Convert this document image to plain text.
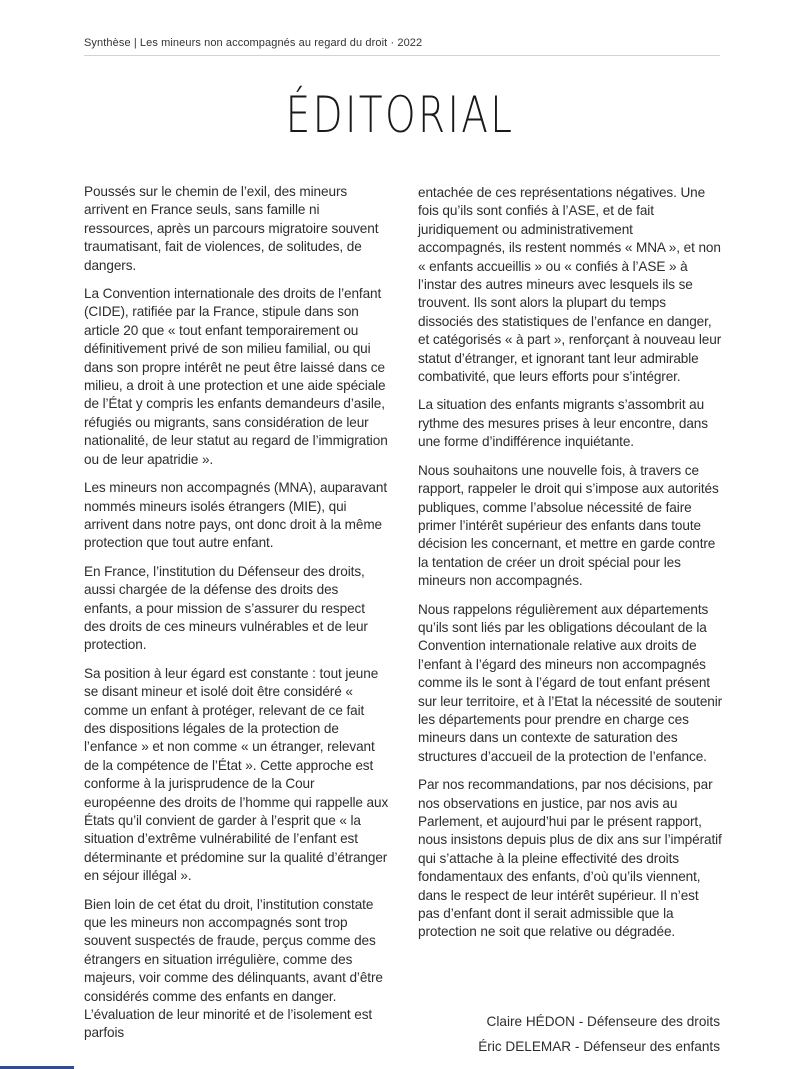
Synthèse | Les mineurs non accompagnés au regard du droit · 2022
ÉDITORIAL

Poussés sur le chemin de l’exil, des mineurs arrivent en France seuls, sans famille ni ressources, après un parcours migratoire souvent traumatisant, fait de violences, de solitudes, de dangers.

La Convention internationale des droits de l’enfant (CIDE), ratifiée par la France, stipule dans son article 20 que « tout enfant temporairement ou définitivement privé de son milieu familial, ou qui dans son propre intérêt ne peut être laissé dans ce milieu, a droit à une protection et une aide spéciale de l’État y compris les enfants demandeurs d’asile, réfugiés ou migrants, sans considération de leur nationalité, de leur statut au regard de l’immigration ou de leur apatridie ».

Les mineurs non accompagnés (MNA), auparavant nommés mineurs isolés étrangers (MIE), qui arrivent dans notre pays, ont donc droit à la même protection que tout autre enfant.

En France, l’institution du Défenseur des droits, aussi chargée de la défense des droits des enfants, a pour mission de s’assurer du respect des droits de ces mineurs vulnérables et de leur protection.

Sa position à leur égard est constante : tout jeune se disant mineur et isolé doit être considéré « comme un enfant à protéger, relevant de ce fait des dispositions légales de la protection de l’enfance » et non comme « un étranger, relevant de la compétence de l’État ». Cette approche est conforme à la jurisprudence de la Cour européenne des droits de l’homme qui rappelle aux États qu’il convient de garder à l’esprit que « la situation d’extrême vulnérabilité de l’enfant est déterminante et prédomine sur la qualité d’étranger en séjour illégal ».

Bien loin de cet état du droit, l’institution constate que les mineurs non accompagnés sont trop souvent suspectés de fraude, perçus comme des étrangers en situation irrégulière, comme des majeurs, voir comme des délinquants, avant d’être considérés comme des enfants en danger. L’évaluation de leur minorité et de l’isolement est parfois

entachée de ces représentations négatives. Une fois qu’ils sont confiés à l’ASE, et de fait juridiquement ou administrativement accompagnés, ils restent nommés « MNA », et non « enfants accueillis » ou « confiés à l’ASE » à l’instar des autres mineurs avec lesquels ils se trouvent. Ils sont alors la plupart du temps dissociés des statistiques de l’enfance en danger, et catégorisés « à part », renforçant à nouveau leur statut d’étranger, et ignorant tant leur admirable combativité, que leurs efforts pour s’intégrer.

La situation des enfants migrants s’assombrit au rythme des mesures prises à leur encontre, dans une forme d’indifférence inquiétante.

Nous souhaitons une nouvelle fois, à travers ce rapport, rappeler le droit qui s’impose aux autorités publiques, comme l’absolue nécessité de faire primer l’intérêt supérieur des enfants dans toute décision les concernant, et mettre en garde contre la tentation de créer un droit spécial pour les mineurs non accompagnés.

Nous rappelons régulièrement aux départements qu’ils sont liés par les obligations découlant de la Convention internationale relative aux droits de l’enfant à l’égard des mineurs non accompagnés comme ils le sont à l’égard de tout enfant présent sur leur territoire, et à l’Etat la nécessité de soutenir les départements pour prendre en charge ces mineurs dans un contexte de saturation des structures d’accueil de la protection de l’enfance.

Par nos recommandations, par nos décisions, par nos observations en justice, par nos avis au Parlement, et aujourd’hui par le présent rapport, nous insistons depuis plus de dix ans sur l’impératif qui s’attache à la pleine effectivité des droits fondamentaux des enfants, d’où qu’ils viennent, dans le respect de leur intérêt supérieur. Il n’est pas d’enfant dont il serait admissible que la protection ne soit que relative ou dégradée.

Claire HÉDON - Défenseure des droits
Éric DELEMAR - Défenseur des enfants
